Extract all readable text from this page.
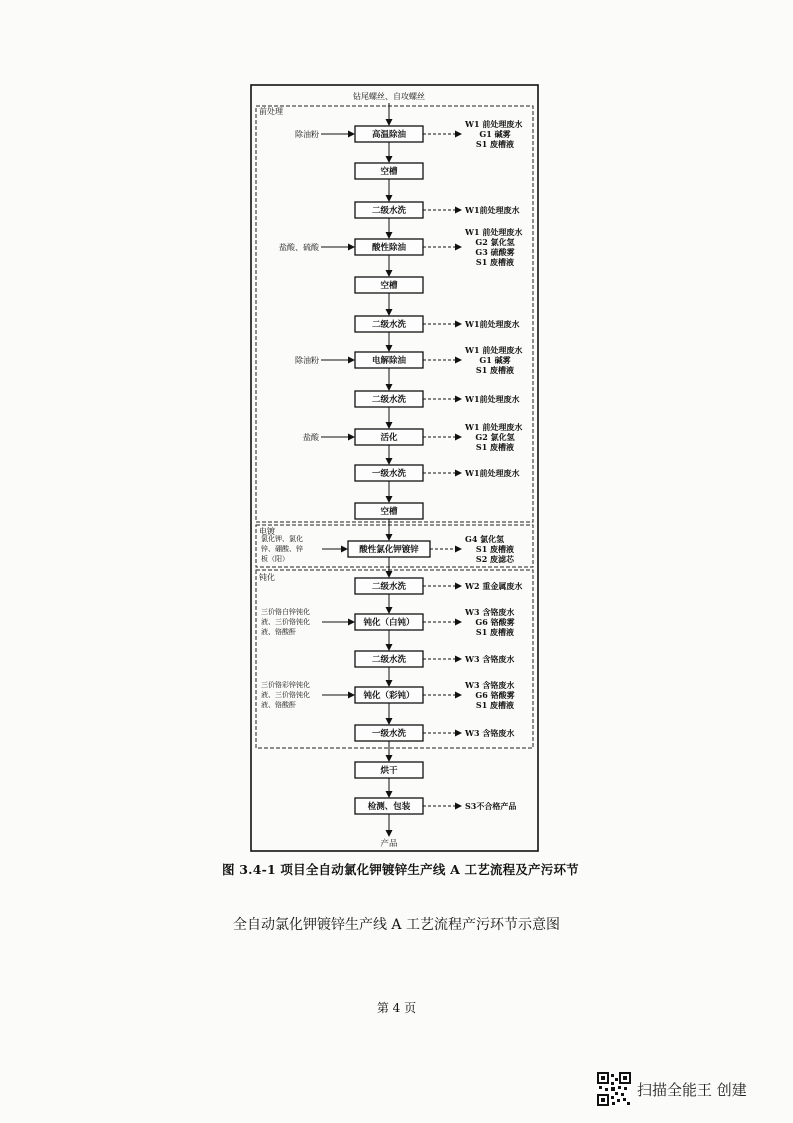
钻尾螺丝、自攻螺丝
前处理
电镀
钝化
高温除油
除油粉
W1 前处理废水
G1 碱雾
S1 废槽液
空槽
二级水洗	W1前处理废水
酸性除油
盐酸、硫酸
W1 前处理废水
G2 氯化氢
G3 硫酸雾
S1 废槽液
空槽
二级水洗	W1前处理废水
电解除油
除油粉
W1 前处理废水
G1 碱雾
S1 废槽液
二级水洗	W1前处理废水
活化
盐酸
W1 前处理废水
G2 氯化氢
S1 废槽液
一级水洗	W1前处理废水
空槽
酸性氯化钾镀锌
氯化钾、氯化
锌、硼酸、锌
板（阳）
G4 氯化氢
S1 废槽液
S2 废滤芯
二级水洗	W2 重金属废水
钝化（白钝）
三价铬白锌钝化
液、三价铬钝化
液、铬酸酐
W3 含铬废水
G6 铬酸雾
S1 废槽液
二级水洗	W3 含铬废水
钝化（彩钝）
三价铬彩锌钝化
液、三价铬钝化
液、铬酸酐
W3 含铬废水
G6 铬酸雾
S1 废槽液
一级水洗	W3 含铬废水
烘干
检测、包装	S3不合格产品
产品
图 3.4-1 项目全自动氯化钾镀锌生产线 A 工艺流程及产污环节
全自动氯化钾镀锌生产线 A 工艺流程产污环节示意图
第 4 页
扫描全能王 创建
